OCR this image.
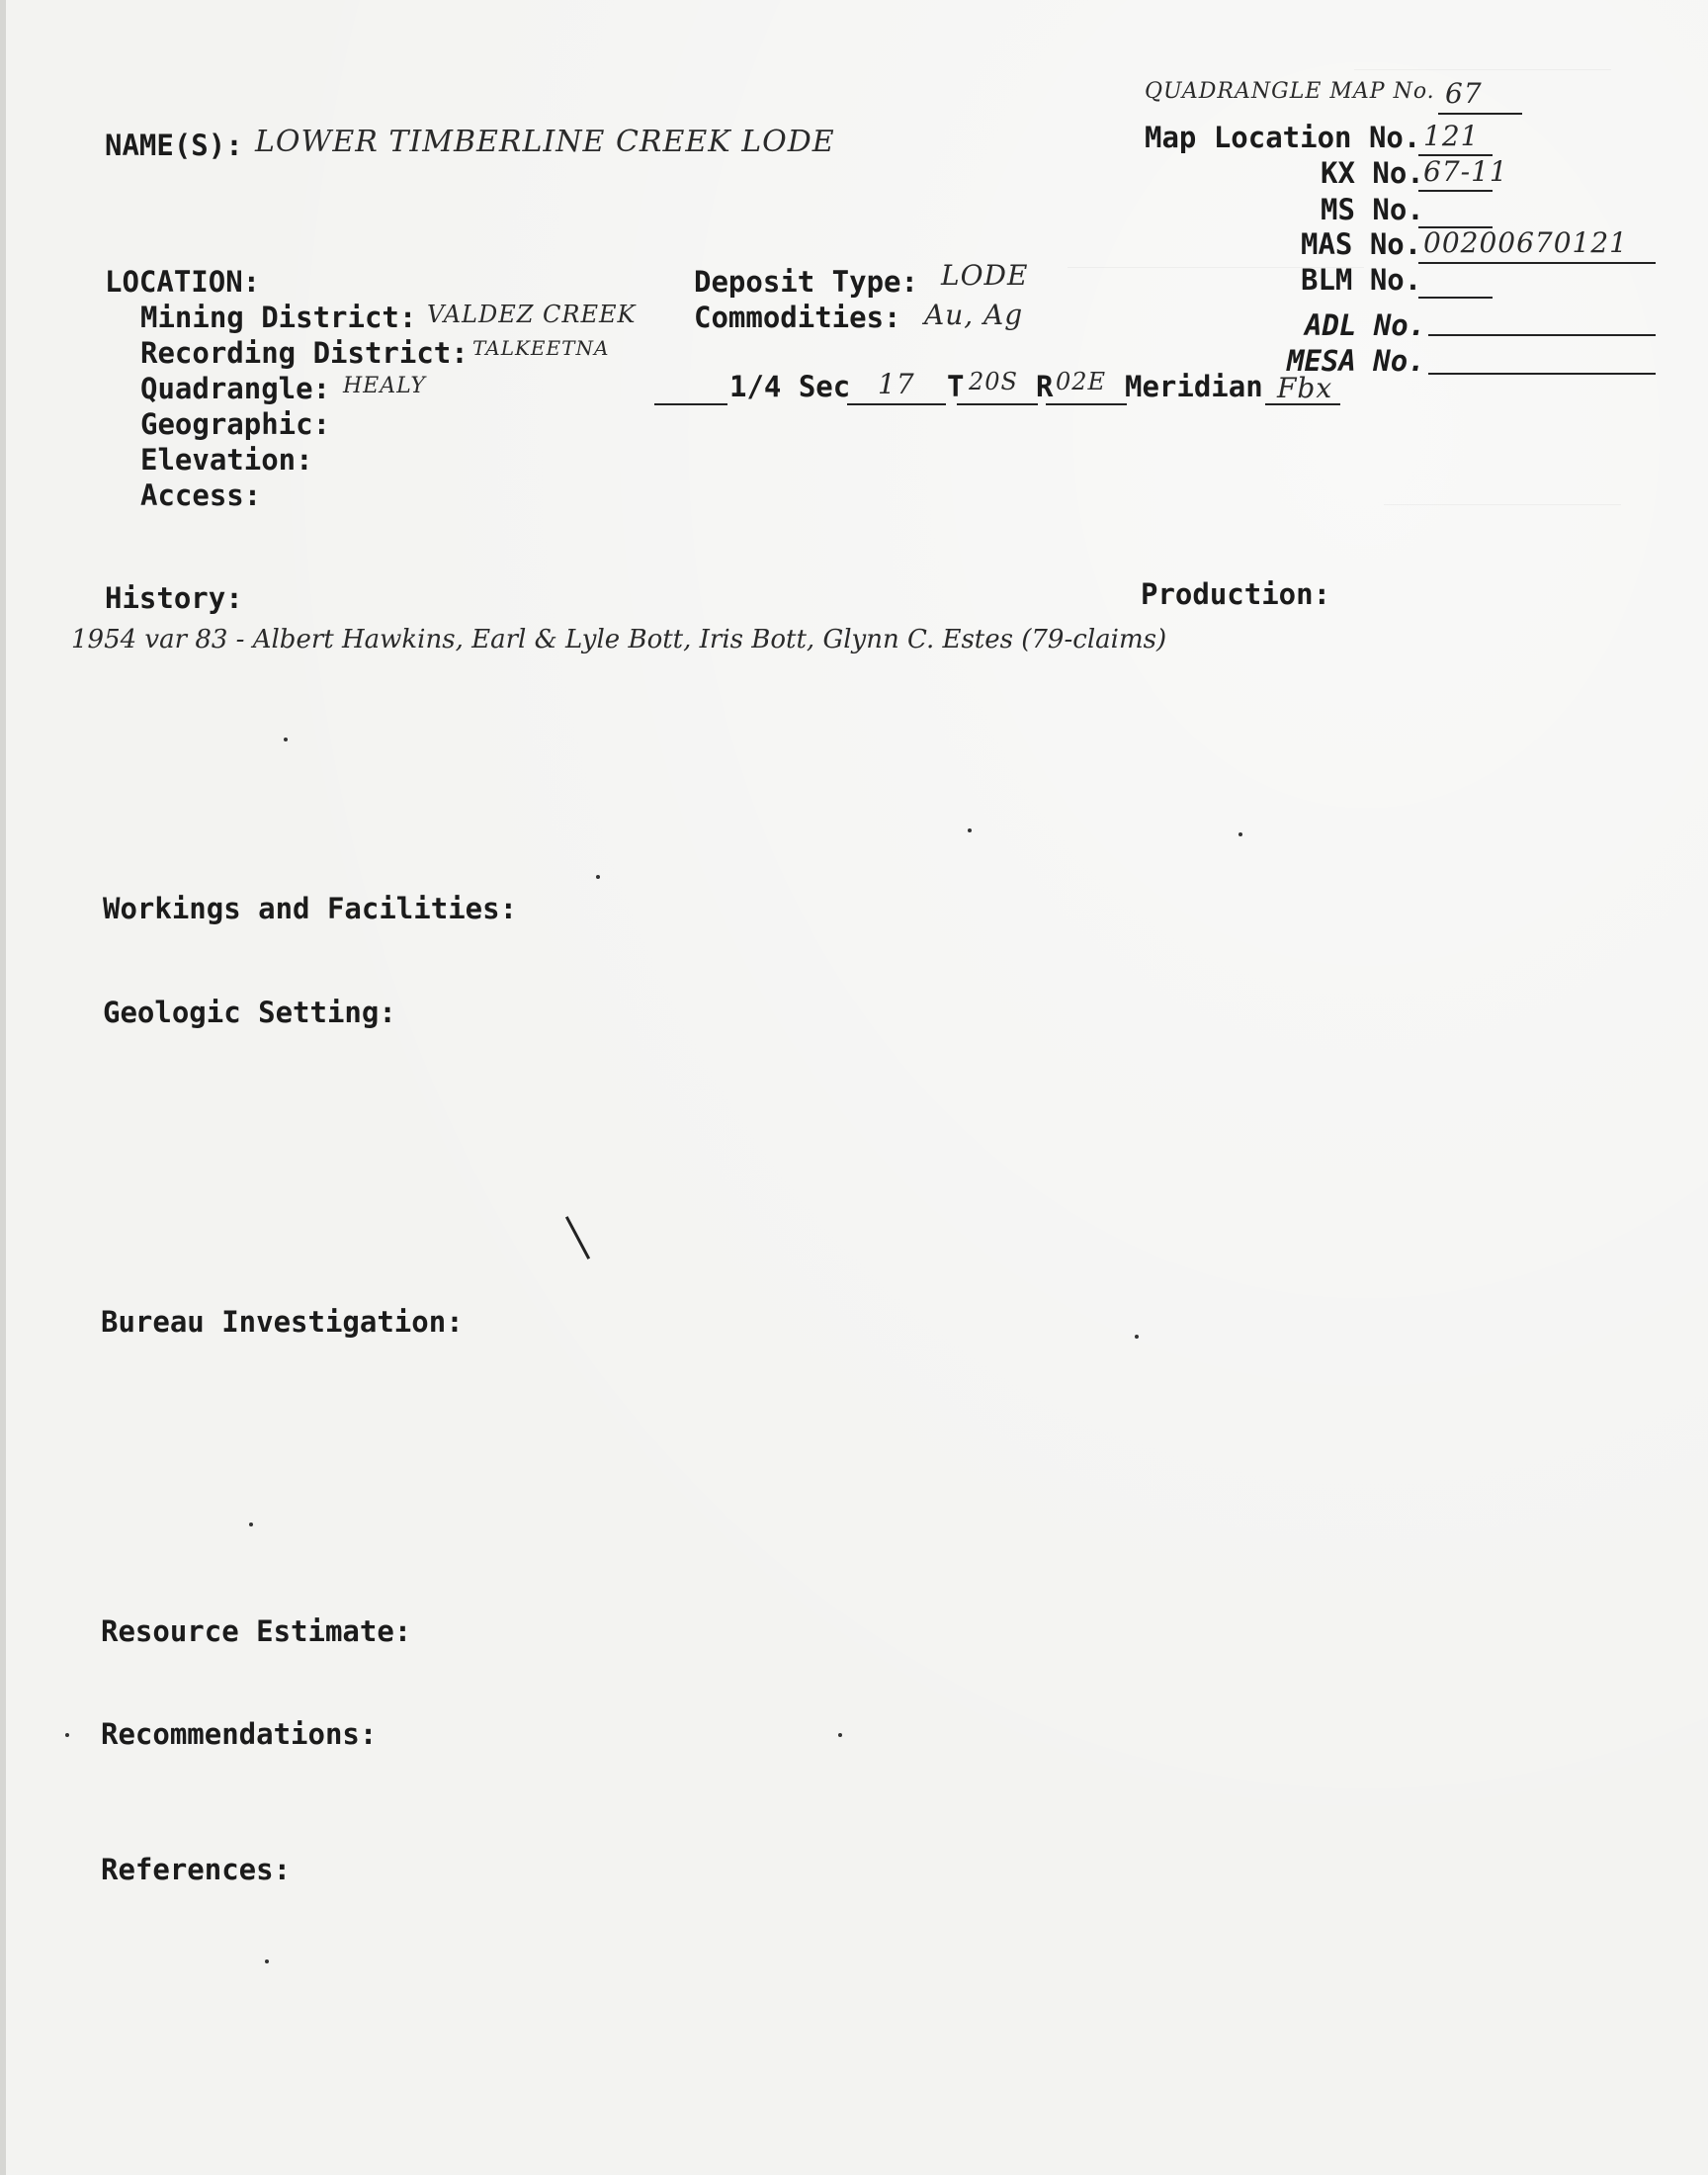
QUADRANGLE MAP No. 67
Map Location No. 121
KX No. 67-11
MS No.
MAS No. 00200670121
BLM No.
ADL No.
MESA No.
NAME(S): LOWER TIMBERLINE CREEK LODE
LOCATION:
Mining District: VALDEZ CREEK
Recording District: TALKEETNA
Quadrangle: HEALY
Geographic:
Elevation:
Access:
Deposit Type: LODE
Commodities: Au, Ag
1/4 Sec 17 T 20S R 02E Meridian Fbx
History:	Production:
1954 var 83 - Albert Hawkins, Earl & Lyle Bott, Iris Bott, Glynn C. Estes (79-claims)
Workings and Facilities:
Geologic Setting:
Bureau Investigation:
Resource Estimate:
Recommendations:
References:
